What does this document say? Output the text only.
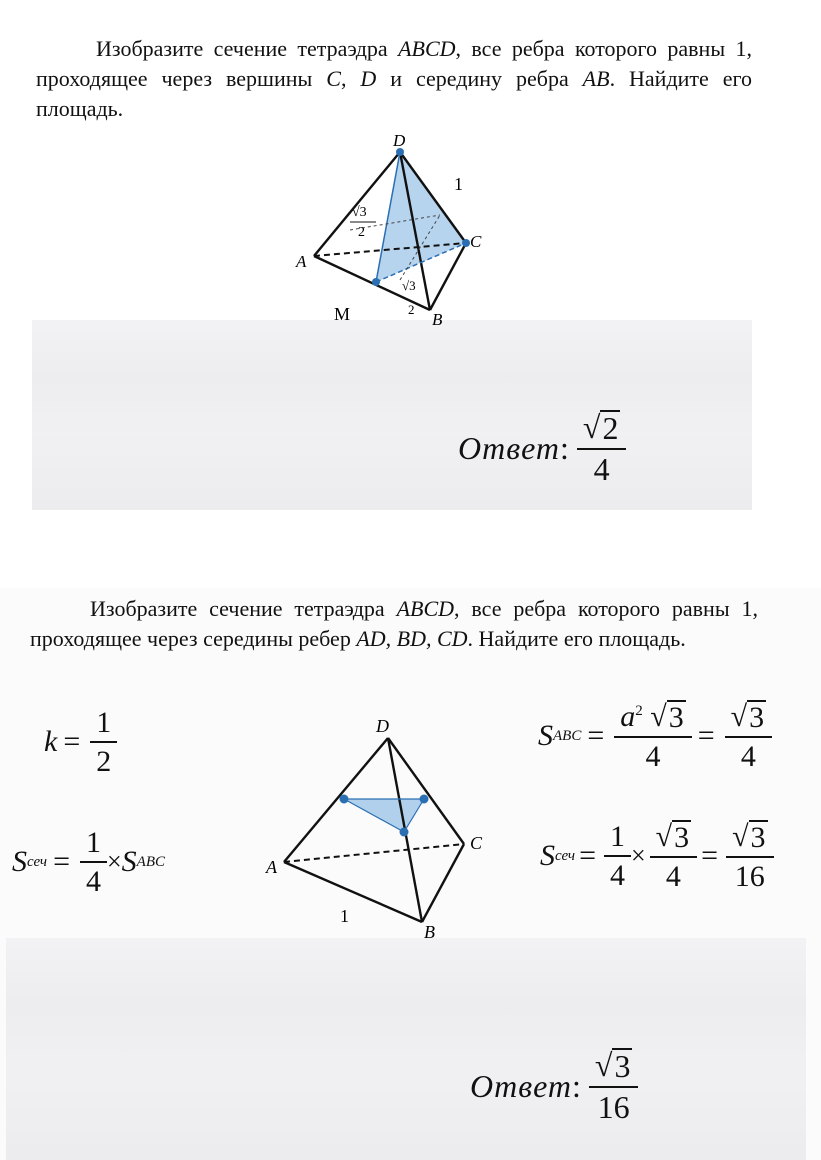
Изобразите сечение тетраэдра ABCD, все ребра которого равны 1, проходящее через вершины C, D и середину ребра AB. Найдите его площадь.
D
C
A
B
M
1
√3
2
√3
2
Ответ : $\frac{√ 2}{4}$
Изобразите сечение тетраэдра ABCD, все ребра которого равны 1, проходящее через середины ребер AD, BD, CD. Найдите его площадь.
$k = \frac{1}{2}$
S сеч = $\frac{1}{4} \times S$ ABC
D
C
A
B
1
S ABC = $\frac{a^2 √ 3}{4} = \frac{√ 3}{4}$
S сеч = $\frac{1}{4} \times \frac{√ 3}{4} = \frac{√ 3}{16}$
Ответ : $\frac{√ 3}{16}$
